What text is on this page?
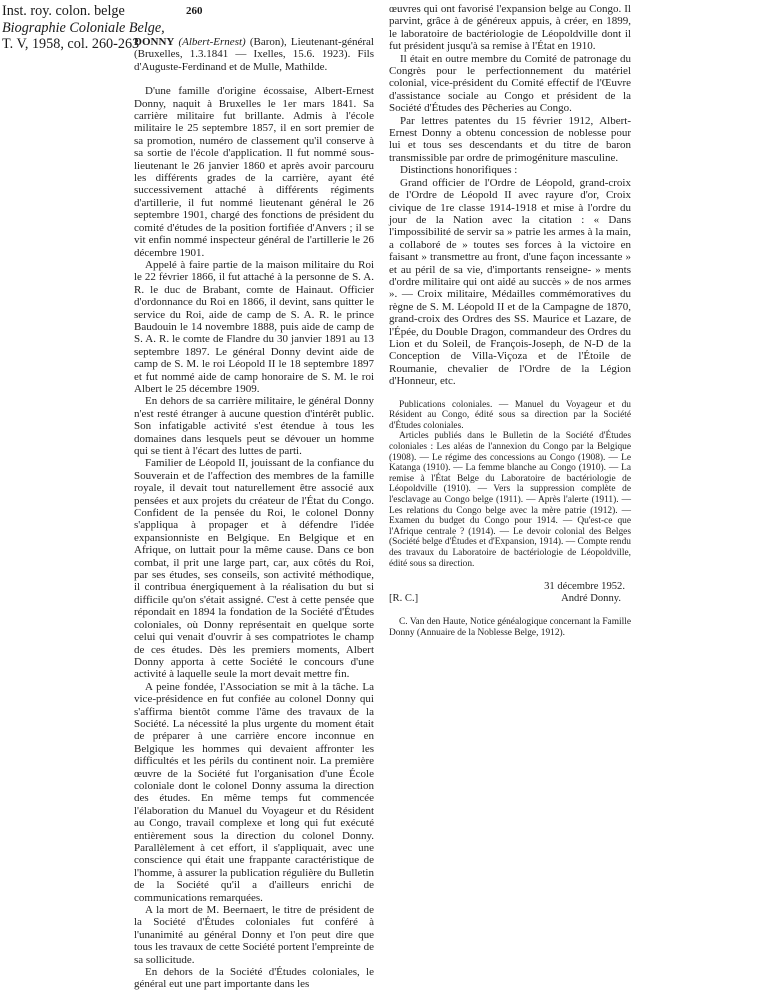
Inst. roy. colon. belge
Biographie Coloniale Belge,
T. V, 1958, col. 260-263
260

DONNY (Albert-Ernest) (Baron), Lieutenant-général (Bruxelles, 1.3.1841 — Ixelles, 15.6. 1923). Fils d'Auguste-Ferdinand et de Mulle, Mathilde.

D'une famille d'origine écossaise, Albert-Ernest Donny, naquit à Bruxelles le 1er mars 1841. Sa carrière militaire fut brillante. Admis à l'école militaire le 25 septembre 1857, il en sort premier de sa promotion, numéro de classement qu'il conserve à sa sortie de l'école d'application. Il fut nommé sous-lieutenant le 26 janvier 1860 et après avoir parcouru les différents grades de la carrière, ayant été successivement attaché à différents régiments d'artillerie, il fut nommé lieutenant général le 26 septembre 1901, chargé des fonctions de président du comité d'études de la position fortifiée d'Anvers ; il se vit enfin nommé inspecteur général de l'artillerie le 26 décembre 1901.

Appelé à faire partie de la maison militaire du Roi le 22 février 1866, il fut attaché à la personne de S. A. R. le duc de Brabant, comte de Hainaut. Officier d'ordonnance du Roi en 1866, il devint, sans quitter le service du Roi, aide de camp de S. A. R. le prince Baudouin le 14 novembre 1888, puis aide de camp de S. A. R. le comte de Flandre du 30 janvier 1891 au 13 septembre 1897. Le général Donny devint aide de camp de S. M. le roi Léopold II le 18 septembre 1897 et fut nommé aide de camp honoraire de S. M. le roi Albert le 25 décembre 1909.

En dehors de sa carrière militaire, le général Donny n'est resté étranger à aucune question d'intérêt public. Son infatigable activité s'est étendue à tous les domaines dans lesquels peut se dévouer un homme qui se tient à l'écart des luttes de parti.

Familier de Léopold II, jouissant de la confiance du Souverain et de l'affection des membres de la famille royale, il devait tout naturellement être associé aux pensées et aux projets du créateur de l'État du Congo. Confident de la pensée du Roi, le colonel Donny s'appliqua à propager et à défendre l'idée expansionniste en Belgique. En Belgique et en Afrique, on luttait pour la même cause. Dans ce bon combat, il prit une large part, car, aux côtés du Roi, par ses études, ses conseils, son activité méthodique, il contribua énergiquement à la réalisation du but si difficile qu'on s'était assigné. C'est à cette pensée que répondait en 1894 la fondation de la Société d'Études coloniales, où Donny représentait en quelque sorte celui qui venait d'ouvrir à ses compatriotes le champ de ces études. Dès les premiers moments, Albert Donny apporta à cette Société le concours d'une activité à laquelle seule la mort devait mettre fin.

A peine fondée, l'Association se mit à la tâche. La vice-présidence en fut confiée au colonel Donny qui s'affirma bientôt comme l'âme des travaux de la Société. La nécessité la plus urgente du moment était de préparer à une carrière encore inconnue en Belgique les hommes qui devaient affronter les difficultés et les périls du continent noir. La première œuvre de la Société fut l'organisation d'une École coloniale dont le colonel Donny assuma la direction des études. En même temps fut commencée l'élaboration du Manuel du Voyageur et du Résident au Congo, travail complexe et long qui fut exécuté entièrement sous la direction du colonel Donny. Parallèlement à cet effort, il s'appliquait, avec une conscience qui était une frappante caractéristique de l'homme, à assurer la publication régulière du Bulletin de la Société qu'il a d'ailleurs enrichi de communications remarquées.

A la mort de M. Beernaert, le titre de président de la Société d'Études coloniales fut conféré à l'unanimité au général Donny et l'on peut dire que tous les travaux de cette Société portent l'empreinte de sa sollicitude.

En dehors de la Société d'Études coloniales, le général eut une part importante dans les

œuvres qui ont favorisé l'expansion belge au Congo. Il parvint, grâce à de généreux appuis, à créer, en 1899, le laboratoire de bactériologie de Léopoldville dont il fut président jusqu'à sa remise à l'État en 1910.

Il était en outre membre du Comité de patronage du Congrès pour le perfectionnement du matériel colonial, vice-président du Comité effectif de l'Œuvre d'assistance sociale au Congo et président de la Société d'Études des Pêcheries au Congo.

Par lettres patentes du 15 février 1912, Albert-Ernest Donny a obtenu concession de noblesse pour lui et tous ses descendants et du titre de baron transmissible par ordre de primogéniture masculine.

Distinctions honorifiques :

Grand officier de l'Ordre de Léopold, grand-croix de l'Ordre de Léopold II avec rayure d'or, Croix civique de 1re classe 1914-1918 et mise à l'ordre du jour de la Nation avec la citation : « Dans l'impossibilité de servir sa » patrie les armes à la main, a collaboré de » toutes ses forces à la victoire en faisant » transmettre au front, d'une façon incessante » et au péril de sa vie, d'importants renseigne- » ments d'ordre militaire qui ont aidé au succès » de nos armes ». — Croix militaire, Médailles commémoratives du règne de S. M. Léopold II et de la Campagne de 1870, grand-croix des Ordres des SS. Maurice et Lazare, de l'Épée, du Double Dragon, commandeur des Ordres du Lion et du Soleil, de François-Joseph, de N-D de la Conception de Villa-Viçoza et de l'Étoile de Roumanie, chevalier de l'Ordre de la Légion d'Honneur, etc.

Publications coloniales. — Manuel du Voyageur et du Résident au Congo, édité sous sa direction par la Société d'Études coloniales.

Articles publiés dans le Bulletin de la Société d'Études coloniales : Les aléas de l'annexion du Congo par la Belgique (1908). — Le régime des concessions au Congo (1908). — Le Katanga (1910). — La femme blanche au Congo (1910). — La remise à l'État Belge du Laboratoire de bactériologie de Léopoldville (1910). — Vers la suppression complète de l'esclavage au Congo belge (1911). — Après l'alerte (1911). — Les relations du Congo belge avec la mère patrie (1912). — Examen du budget du Congo pour 1914. — Qu'est-ce que l'Afrique centrale ? (1914). — Le devoir colonial des Belges (Société belge d'Études et d'Expansion, 1914). — Compte rendu des travaux du Laboratoire de bactériologie de Léopoldville, édité sous sa direction.

31 décembre 1952.
[R. C.]	André Donny.

C. Van den Haute, Notice généalogique concernant la Famille Donny (Annuaire de la Noblesse Belge, 1912).
